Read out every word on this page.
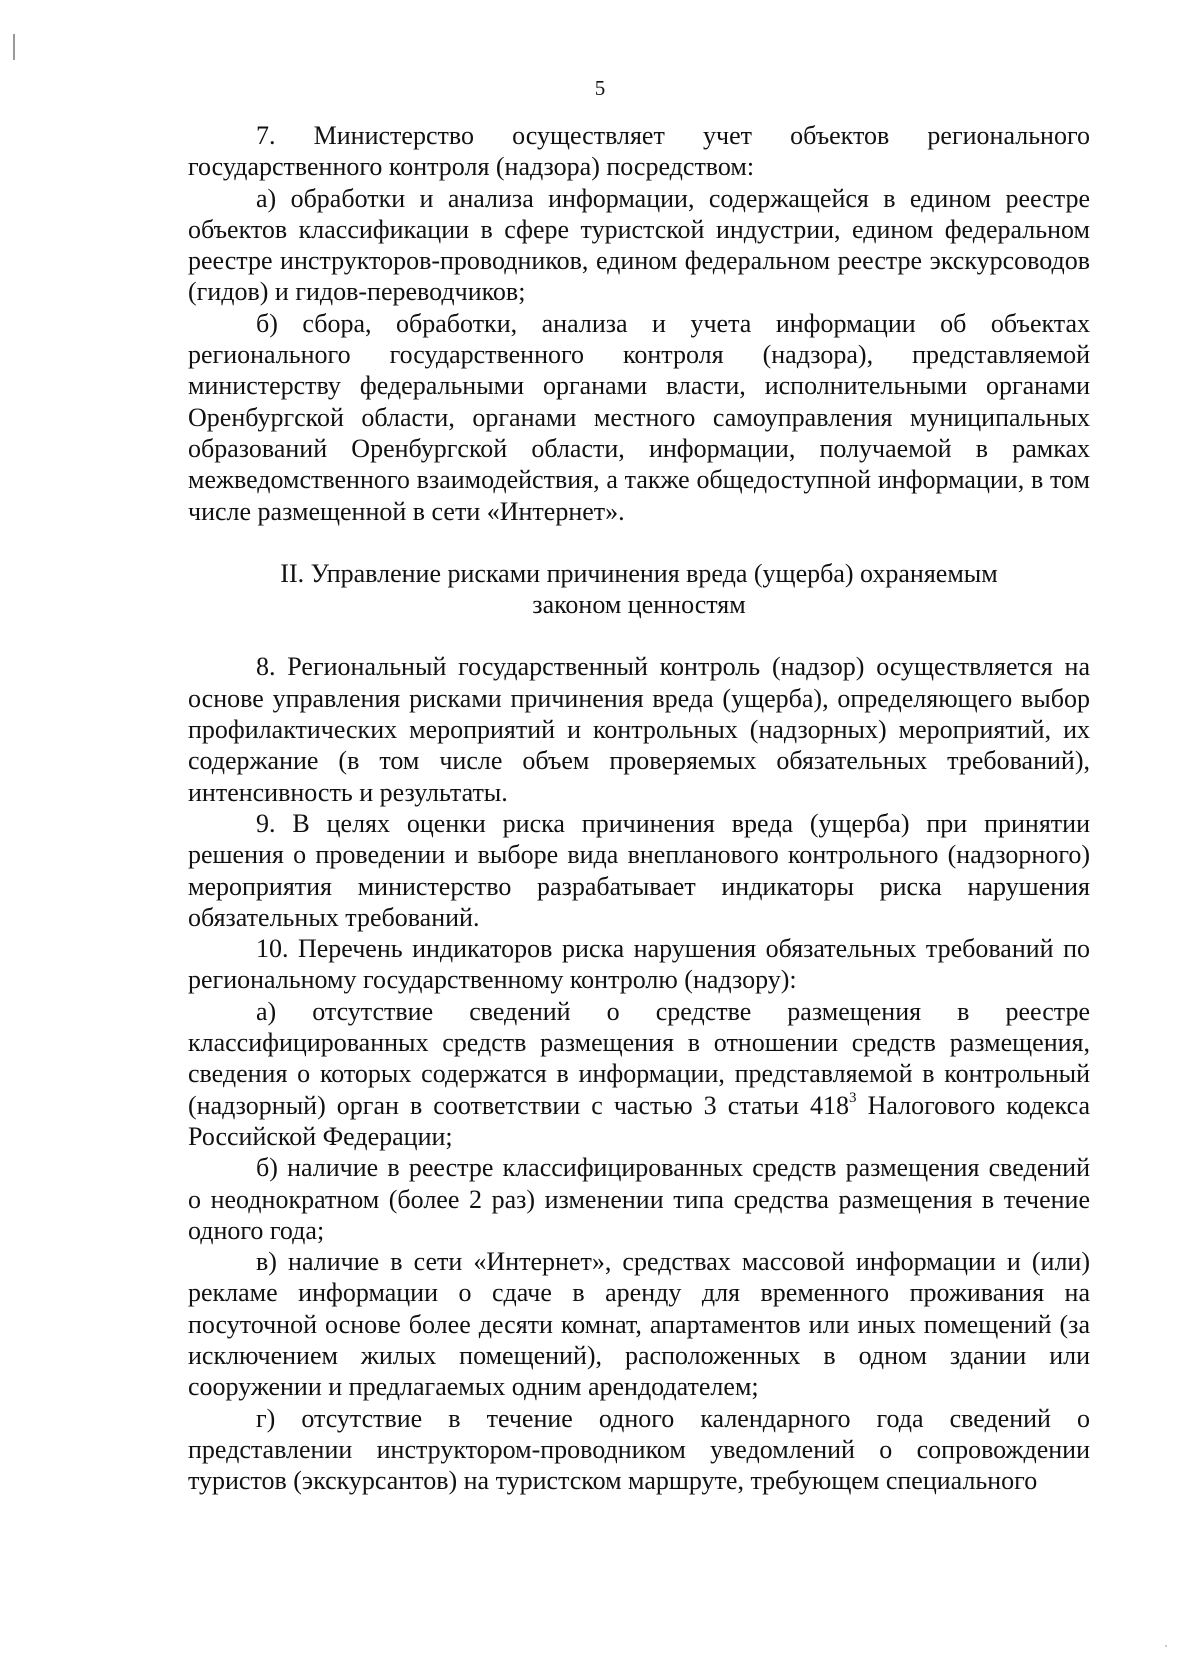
5

7. Министерство осуществляет учет объектов регионального государственного контроля (надзора) посредством:

а) обработки и анализа информации, содержащейся в едином реестре объектов классификации в сфере туристской индустрии, едином федеральном реестре инструкторов-проводников, едином федеральном реестре экскурсоводов (гидов) и гидов-переводчиков;

б) сбора, обработки, анализа и учета информации об объектах регионального государственного контроля (надзора), представляемой министерству федеральными органами власти, исполнительными органами Оренбургской области, органами местного самоуправления муниципальных образований Оренбургской области, информации, получаемой в рамках межведомственного взаимодействия, а также общедоступной информации, в том числе размещенной в сети «Интернет».

II. Управление рисками причинения вреда (ущерба) охраняемым законом ценностям

8. Региональный государственный контроль (надзор) осуществляется на основе управления рисками причинения вреда (ущерба), определяющего выбор профилактических мероприятий и контрольных (надзорных) мероприятий, их содержание (в том числе объем проверяемых обязательных требований), интенсивность и результаты.

9. В целях оценки риска причинения вреда (ущерба) при принятии решения о проведении и выборе вида внепланового контрольного (надзорного) мероприятия министерство разрабатывает индикаторы риска нарушения обязательных требований.

10. Перечень индикаторов риска нарушения обязательных требований по региональному государственному контролю (надзору):

а) отсутствие сведений о средстве размещения в реестре классифицированных средств размещения в отношении средств размещения, сведения о которых содержатся в информации, представляемой в контрольный (надзорный) орган в соответствии с частью 3 статьи $418^3$ Налогового кодекса Российской Федерации;

б) наличие в реестре классифицированных средств размещения сведений о неоднократном (более 2 раз) изменении типа средства размещения в течение одного года;

в) наличие в сети «Интернет», средствах массовой информации и (или) рекламе информации о сдаче в аренду для временного проживания на посуточной основе более десяти комнат, апартаментов или иных помещений (за исключением жилых помещений), расположенных в одном здании или сооружении и предлагаемых одним арендодателем;

г) отсутствие в течение одного календарного года сведений о представлении инструктором-проводником уведомлений о сопровождении туристов (экскурсантов) на туристском маршруте, требующем специального
